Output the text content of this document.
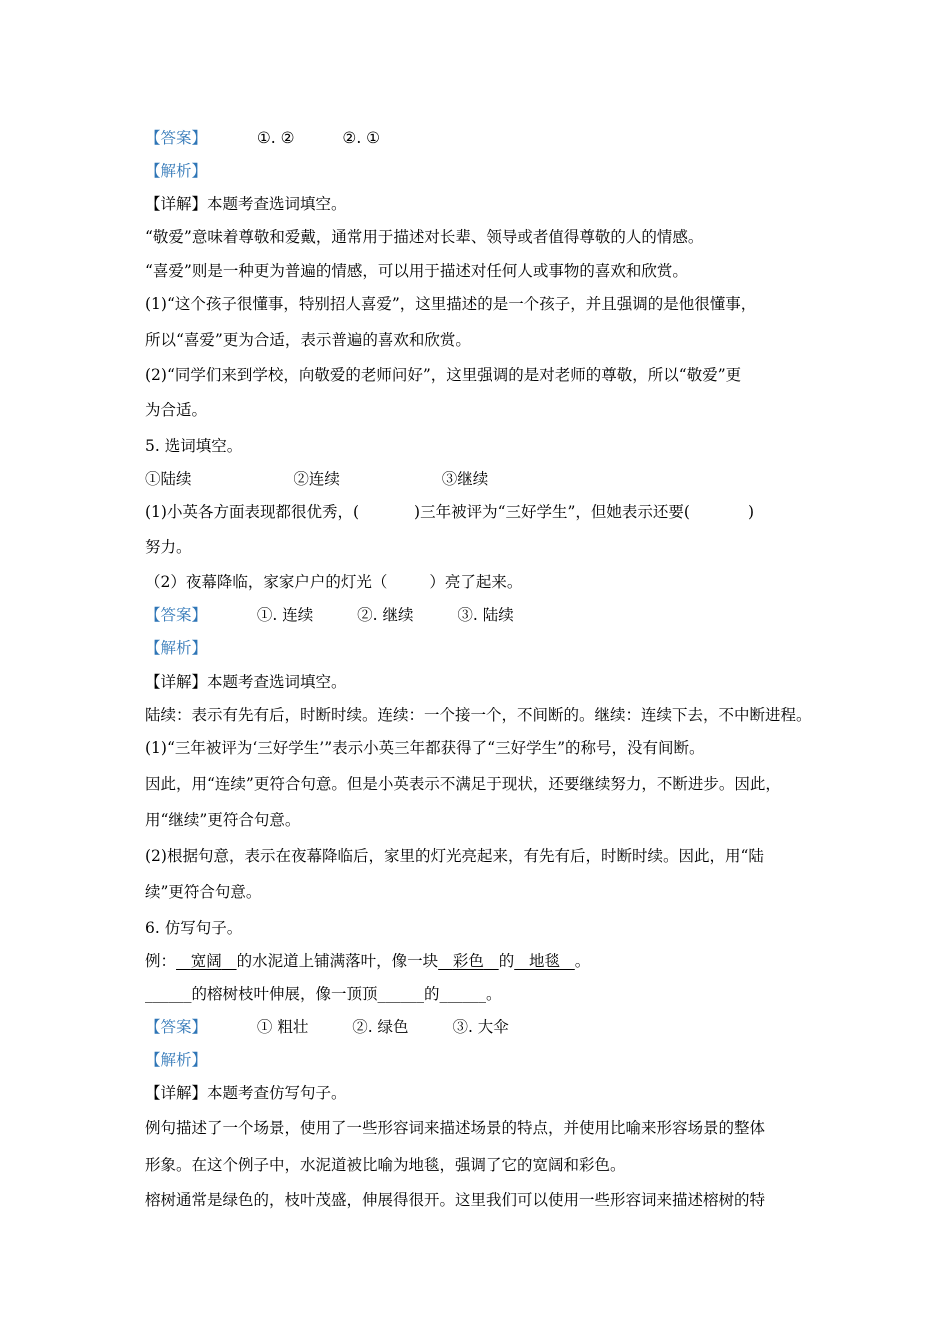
【答案】	①. ②	②. ①
【解析】
【详解】本题考查选词填空。
“敬爱”意味着尊敬和爱戴，通常用于描述对长辈、领导或者值得尊敬的人的情感。
“喜爱”则是一种更为普遍的情感，可以用于描述对任何人或事物的喜欢和欣赏。
(1)“这个孩子很懂事，特别招人喜爱”，这里描述的是一个孩子，并且强调的是他很懂事，
所以“喜爱”更为合适，表示普遍的喜欢和欣赏。
(2)“同学们来到学校，向敬爱的老师问好”，这里强调的是对老师的尊敬，所以“敬爱”更
为合适。
5. 选词填空。
①陆续	②连续	③继续
(1)小英各方面表现都很优秀，(	)三年被评为“三好学生”，但她表示还要(	)
努力。
（2）夜幕降临，家家户户的灯光（	）亮了起来。
【答案】	①. 连续	②. 继续	③. 陆续
【解析】
【详解】本题考查选词填空。
陆续：表示有先有后，时断时续。连续：一个接一个，不间断的。继续：连续下去，不中断进程。
(1)“三年被评为‘三好学生’”表示小英三年都获得了“三好学生”的称号，没有间断。
因此，用“连续”更符合句意。但是小英表示不满足于现状，还要继续努力，不断进步。因此，
用“继续”更符合句意。
(2)根据句意，表示在夜幕降临后，家里的灯光亮起来，有先有后，时断时续。因此，用“陆
续”更符合句意。
6. 仿写句子。
例： 宽阔 的水泥道上铺满落叶，像一块 彩色 的 地毯 。
______的榕树枝叶伸展，像一顶顶______的______。
【答案】	① 粗壮	②. 绿色	③. 大伞
【解析】
【详解】本题考查仿写句子。
例句描述了一个场景，使用了一些形容词来描述场景的特点，并使用比喻来形容场景的整体
形象。在这个例子中，水泥道被比喻为地毯，强调了它的宽阔和彩色。
榕树通常是绿色的，枝叶茂盛，伸展得很开。这里我们可以使用一些形容词来描述榕树的特
